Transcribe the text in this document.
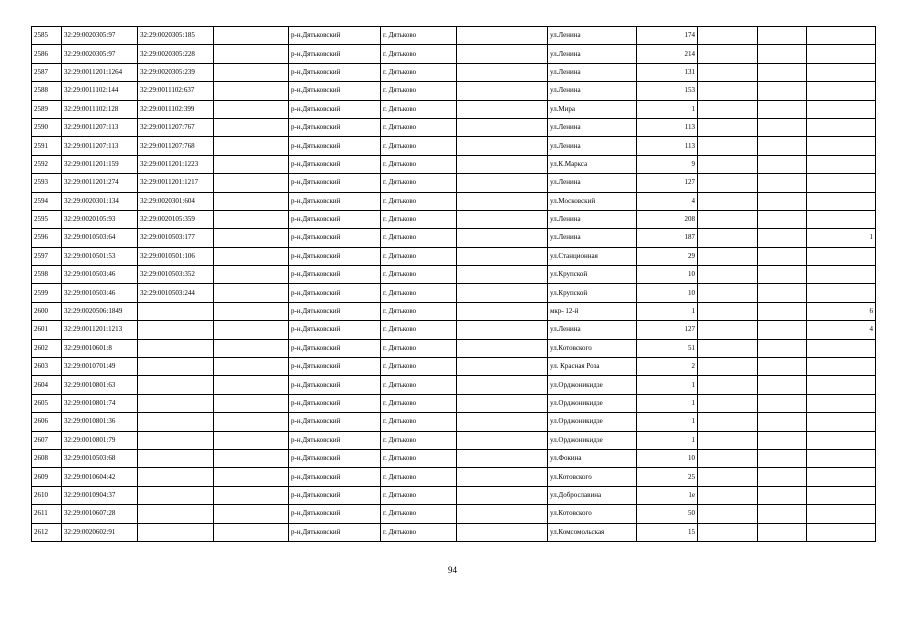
2585	32:29:0020305:97	32:29:0020305:185		р-н.Дятьковский	г. Дятьково		ул.Ленина	174			
2586	32:29:0020305:97	32:29:0020305:228		р-н.Дятьковский	г. Дятьково		ул.Ленина	214			
2587	32:29:0011201:1264	32:29:0020305:239		р-н.Дятьковский	г. Дятьково		ул.Ленина	131			
2588	32:29:0011102:144	32:29:0011102:637		р-н.Дятьковский	г. Дятьково		ул.Ленина	153			
2589	32:29:0011102:128	32:29:0011102:399		р-н.Дятьковский	г. Дятьково		ул.Мира	1			
2590	32:29:0011207:113	32:29:0011207:767		р-н.Дятьковский	г. Дятьково		ул.Ленина	113			
2591	32:29:0011207:113	32:29:0011207:768		р-н.Дятьковский	г. Дятьково		ул.Ленина	113			
2592	32:29:0011201:159	32:29:0011201:1223		р-н.Дятьковский	г. Дятьково		ул.К.Маркса	9			
2593	32:29:0011201:274	32:29:0011201:1217		р-н.Дятьковский	г. Дятьково		ул.Ленина	127			
2594	32:29:0020301:134	32:29:0020301:604		р-н.Дятьковский	г. Дятьково		ул.Московский	4			
2595	32:29:0020105:93	32:29:0020105:359		р-н.Дятьковский	г. Дятьково		ул.Ленина	208			
2596	32:29:0010503:64	32:29:0010503:177		р-н.Дятьковский	г. Дятьково		ул.Ленина	187			1
2597	32:29:0010501:53	32:29:0010501:106		р-н.Дятьковский	г. Дятьково		ул.Станционная	29			
2598	32:29:0010503:46	32:29:0010503:352		р-н.Дятьковский	г. Дятьково		ул.Крупской	10			
2599	32:29:0010503:46	32:29:0010503:244		р-н.Дятьковский	г. Дятьково		ул.Крупской	10			
2600	32:29:0020506:1849			р-н.Дятьковский	г. Дятьково		мкр- 12-й	1			6
2601	32:29:0011201:1213			р-н.Дятьковский	г. Дятьково		ул.Ленина	127			4
2602	32:29:0010601:8			р-н.Дятьковский	г. Дятьково		ул.Котовского	51			
2603	32:29:0010701:49			р-н.Дятьковский	г. Дятьково		ул. Красная Роза	2			
2604	32:29:0010801:63			р-н.Дятьковский	г. Дятьково		ул.Орджоникидзе	1			
2605	32:29:0010801:74			р-н.Дятьковский	г. Дятьково		ул.Орджоникидзе	1			
2606	32:29:0010801:36			р-н.Дятьковский	г. Дятьково		ул.Орджоникидзе	1			
2607	32:29:0010801:79			р-н.Дятьковский	г. Дятьково		ул.Орджоникидзе	1			
2608	32:29:0010503:68			р-н.Дятьковский	г. Дятьково		ул.Фокина	10			
2609	32:29:0010604:42			р-н.Дятьковский	г. Дятьково		ул.Котовского	25			
2610	32:29:0010904:37			р-н.Дятьковский	г. Дятьково		ул.Доброславина	1е			
2611	32:29:0010607:28			р-н.Дятьковский	г. Дятьково		ул.Котовского	50			
2612	32:29:0020602:91			р-н.Дятьковский	г. Дятьково		ул.Комсомольская	15			
94
